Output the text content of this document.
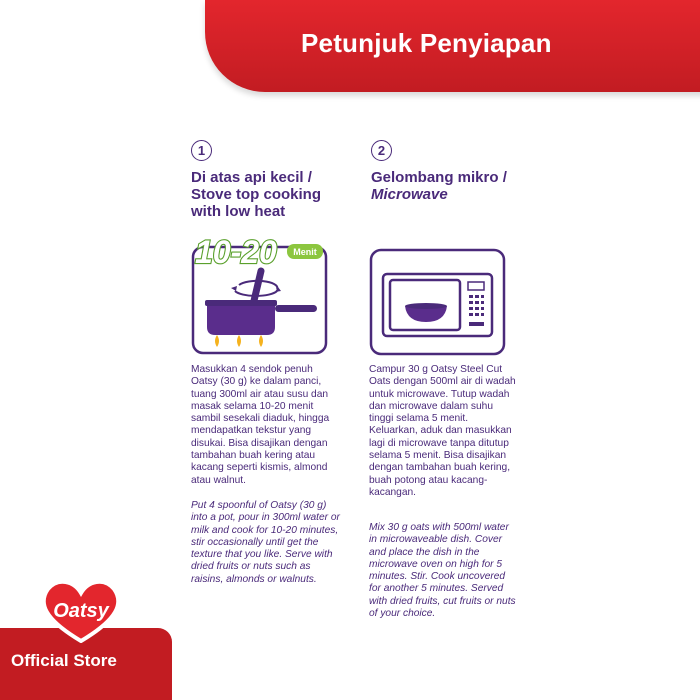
Petunjuk Penyiapan
1
Di atas api kecil /
Stove top cooking
with low heat
2
Gelombang mikro /
Microwave
10-20 Menit
Masukkan 4 sendok penuh Oatsy (30 g) ke dalam panci, tuang 300ml air atau susu dan masak selama 10-20 menit sambil sesekali diaduk, hingga mendapatkan tekstur yang disukai. Bisa disajikan dengan tambahan buah kering atau kacang seperti kismis, almond atau walnut.
Put 4 spoonful of Oatsy (30 g) into a pot, pour in 300ml water or milk and cook for 10-20 minutes, stir occasionally until get the texture that you like. Serve with dried fruits or nuts such as raisins, almonds or walnuts.
Campur 30 g Oatsy Steel Cut Oats dengan 500ml air di wadah untuk microwave. Tutup wadah dan microwave dalam suhu tinggi selama 5 menit. Keluarkan, aduk dan masukkan lagi di microwave tanpa ditutup selama 5 menit. Bisa disajikan dengan tambahan buah kering, buah potong atau kacang-kacangan.
Mix 30 g oats with 500ml water in microwaveable dish. Cover and place the dish in the microwave oven on high for 5 minutes. Stir. Cook uncovered for another 5 minutes. Served with dried fruits, cut fruits or nuts of your choice.
Oatsy
Official Store
